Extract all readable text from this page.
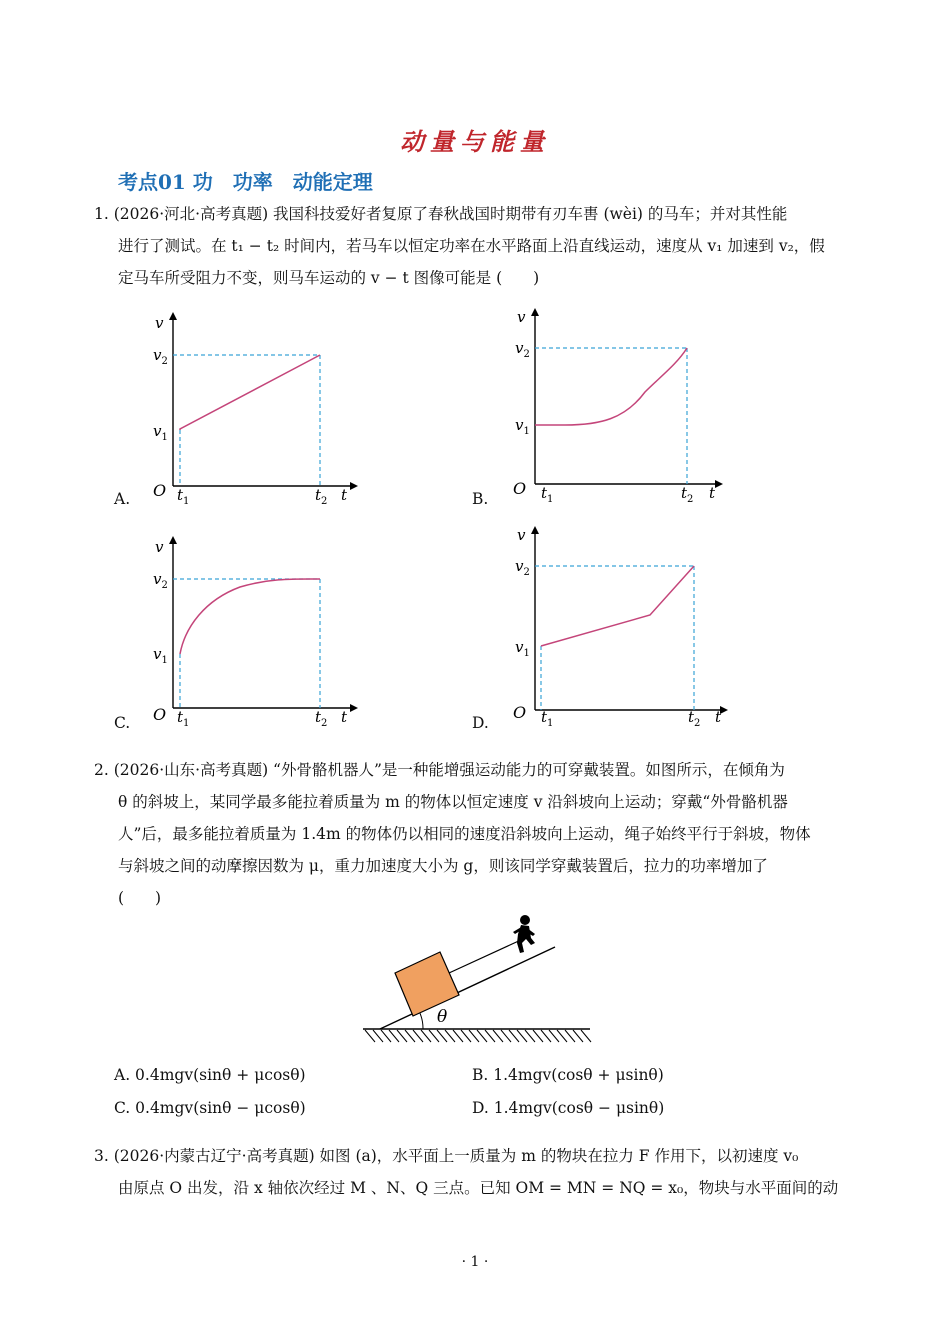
动量与能量
考点01 功　功率　动能定理

1. (2026·河北·高考真题) 我国科技爱好者复原了春秋战国时期带有刃车軎 (wèi) 的马车；并对其性能

进行了测试。在 t₁ − t₂ 时间内，若马车以恒定功率在水平路面上沿直线运动，速度从 v₁ 加速到 v₂，假

定马车所受阻力不变，则马车运动的 v − t 图像可能是 (　　)

A.	B.
C.	D.
v
$v_2$
$v_1$
O $t_1$	$t_2$ t
v
$v_2$
$v_1$
O $t_1$	$t_2$ t
v
$v_2$
$v_1$
O $t_1$	$t_2$ t
v
$v_2$
$v_1$
O $t_1$	$t_2$ t

2. (2026·山东·高考真题) “外骨骼机器人”是一种能增强运动能力的可穿戴装置。如图所示，在倾角为

θ 的斜坡上，某同学最多能拉着质量为 m 的物体以恒定速度 v 沿斜坡向上运动；穿戴“外骨骼机器

人”后，最多能拉着质量为 1.4m 的物体仍以相同的速度沿斜坡向上运动，绳子始终平行于斜坡，物体

与斜坡之间的动摩擦因数为 μ，重力加速度大小为 g，则该同学穿戴装置后，拉力的功率增加了

(　　)

θ
A. 0.4mgv(sinθ + μcosθ)	B. 1.4mgv(cosθ + μsinθ)
C. 0.4mgv(sinθ − μcosθ)	D. 1.4mgv(cosθ − μsinθ)

3. (2026·内蒙古辽宁·高考真题) 如图 (a)，水平面上一质量为 m 的物块在拉力 F 作用下，以初速度 v₀

由原点 O 出发，沿 x 轴依次经过 M 、N、Q 三点。已知 OM = MN = NQ = x₀，物块与水平面间的动

· 1 ·
